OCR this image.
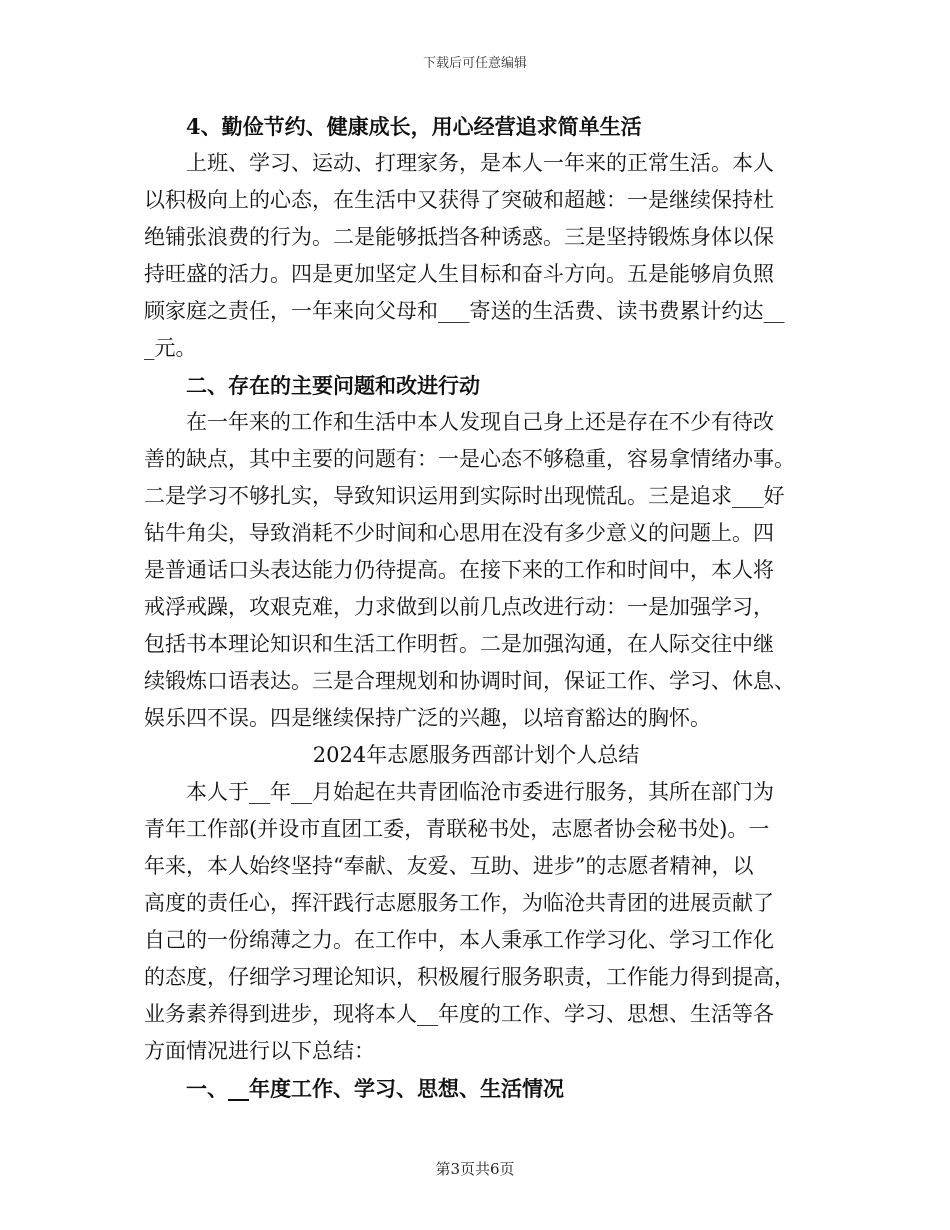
下载后可任意编辑
4、勤俭节约、健康成长，用心经营追求简单生活
上班、学习、运动、打理家务，是本人一年来的正常生活。本人
以积极向上的心态，在生活中又获得了突破和超越：一是继续保持杜
绝铺张浪费的行为。二是能够抵挡各种诱惑。三是坚持锻炼身体以保
持旺盛的活力。四是更加坚定人生目标和奋斗方向。五是能够肩负照
顾家庭之责任，一年来向父母和___寄送的生活费、读书费累计约达__
_元。
二、存在的主要问题和改进行动
在一年来的工作和生活中本人发现自己身上还是存在不少有待改
善的缺点，其中主要的问题有：一是心态不够稳重，容易拿情绪办事。
二是学习不够扎实，导致知识运用到实际时出现慌乱。三是追求___好
钻牛角尖，导致消耗不少时间和心思用在没有多少意义的问题上。四
是普通话口头表达能力仍待提高。在接下来的工作和时间中，本人将
戒浮戒躁，攻艰克难，力求做到以前几点改进行动：一是加强学习，
包括书本理论知识和生活工作明哲。二是加强沟通，在人际交往中继
续锻炼口语表达。三是合理规划和协调时间，保证工作、学习、休息、
娱乐四不误。四是继续保持广泛的兴趣，以培育豁达的胸怀。
2024年志愿服务西部计划个人总结
本人于__年__月始起在共青团临沧市委进行服务，其所在部门为
青年工作部(并设市直团工委，青联秘书处，志愿者协会秘书处)。一
年来，本人始终坚持“奉献、友爱、互助、进步”的志愿者精神，以
高度的责任心，挥汗践行志愿服务工作，为临沧共青团的进展贡献了
自己的一份绵薄之力。在工作中，本人秉承工作学习化、学习工作化
的态度，仔细学习理论知识，积极履行服务职责，工作能力得到提高，
业务素养得到进步，现将本人__年度的工作、学习、思想、生活等各
方面情况进行以下总结：
一、__年度工作、学习、思想、生活情况
第3页共6页
